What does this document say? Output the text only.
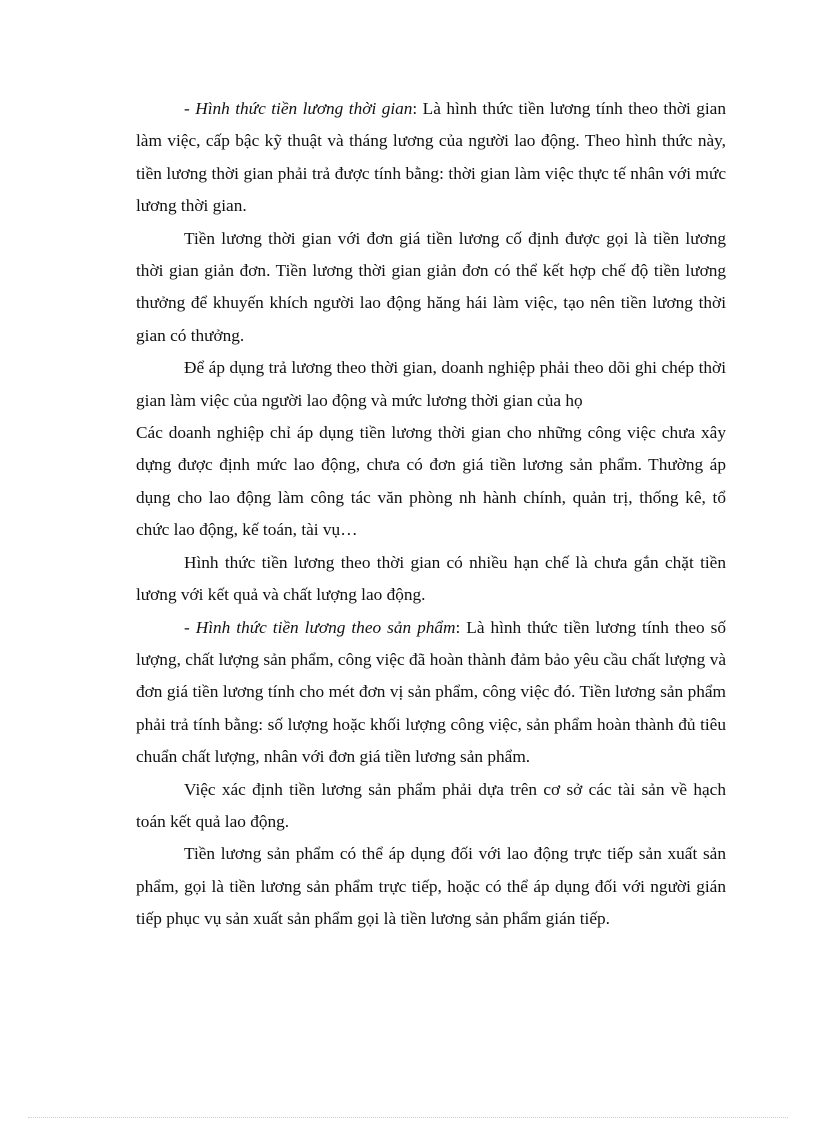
- Hình thức tiền lương thời gian: Là hình thức tiền lương tính theo thời gian làm việc, cấp bậc kỹ thuật và tháng lương của người lao động. Theo hình thức này, tiền lương thời gian phải trả được tính bằng: thời gian làm việc thực tế nhân với mức lương thời gian.

Tiền lương thời gian với đơn giá tiền lương cố định được gọi là tiền lương thời gian giản đơn. Tiền lương thời gian giản đơn có thể kết hợp chế độ tiền lương thưởng để khuyến khích người lao động hăng hái làm việc, tạo nên tiền lương thời gian có thưởng.

Để áp dụng trả lương theo thời gian, doanh nghiệp phải theo dõi ghi chép thời gian làm việc của người lao động và mức lương thời gian của họ

Các doanh nghiệp chỉ áp dụng tiền lương thời gian cho những công việc chưa xây dựng được định mức lao động, chưa có đơn giá tiền lương sản phẩm. Thường áp dụng cho lao động làm công tác văn phòng nh hành chính, quản trị, thống kê, tổ chức lao động, kế toán, tài vụ…

Hình thức tiền lương theo thời gian có nhiều hạn chế là chưa gắn chặt tiền lương với kết quả và chất lượng lao động.

- Hình thức tiền lương theo sản phẩm: Là hình thức tiền lương tính theo số lượng, chất lượng sản phẩm, công việc đã hoàn thành đảm bảo yêu cầu chất lượng và đơn giá tiền lương tính cho mét đơn vị sản phẩm, công việc đó. Tiền lương sản phẩm phải trả tính bằng: số lượng hoặc khối lượng công việc, sản phẩm hoàn thành đủ tiêu chuẩn chất lượng, nhân với đơn giá tiền lương sản phẩm.

Việc xác định tiền lương sản phẩm phải dựa trên cơ sở các tài sản về hạch toán kết quả lao động.

Tiền lương sản phẩm có thể áp dụng đối với lao động trực tiếp sản xuất sản phẩm, gọi là tiền lương sản phẩm trực tiếp, hoặc có thể áp dụng đối với người gián tiếp phục vụ sản xuất sản phẩm gọi là tiền lương sản phẩm gián tiếp.
